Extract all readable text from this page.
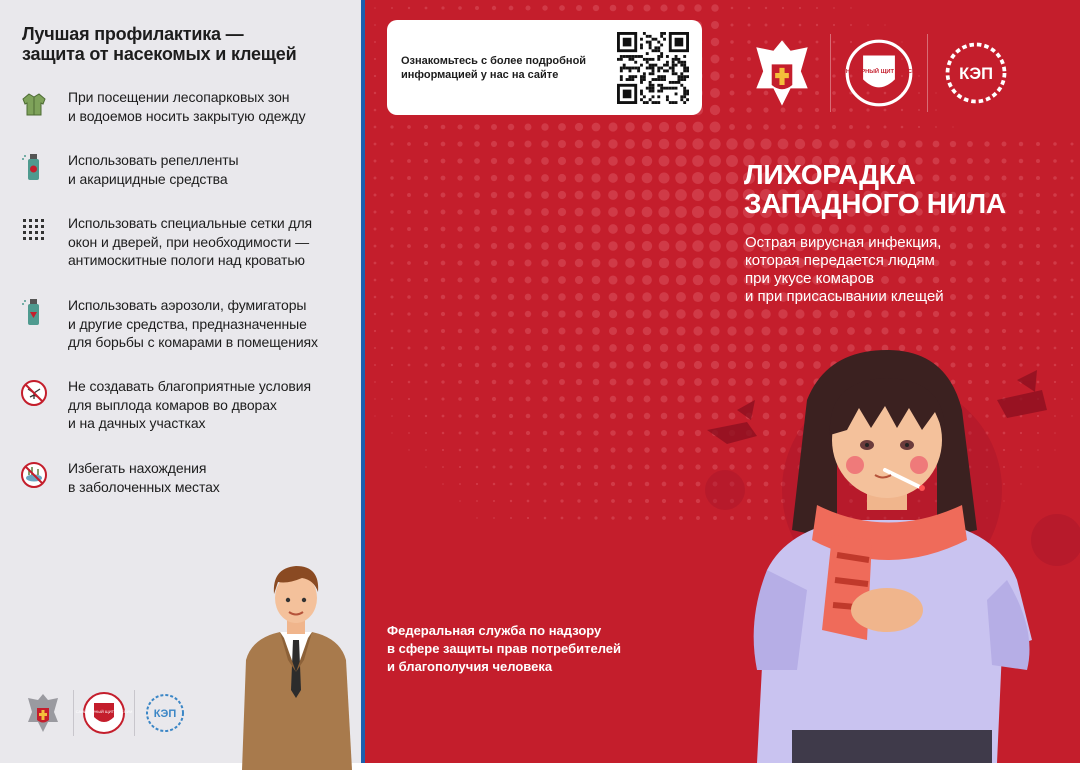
Лучшая профилактика —
защита от насекомых и клещей
При посещении лесопарковых зон
и водоемов носить закрытую одежду
Использовать репелленты
и акарицидные средства
Использовать специальные сетки для
окон и дверей, при необходимости —
антимоскитные пологи над кроватью
Использовать аэрозоли, фумигаторы
и другие средства, предназначенные
для борьбы с комарами в помещениях
Не создавать благоприятные условия
для выплода комаров во дворах
и на дачных участках
Избегать нахождения
в заболоченных местах
САНИТАРНЫЙ ЩИТ РОССИИ КЭП
Ознакомьтесь с более подробной
информацией у нас на сайте	САНИТАРНЫЙ ЩИТ РОССИИ	КЭП
ЛИХОРАДКА
ЗАПАДНОГО НИЛА
Острая вирусная инфекция,
которая передается людям
при укусе комаров
и при присасывании клещей
Федеральная служба по надзору
в сфере защиты прав потребителей
и благополучия человека
